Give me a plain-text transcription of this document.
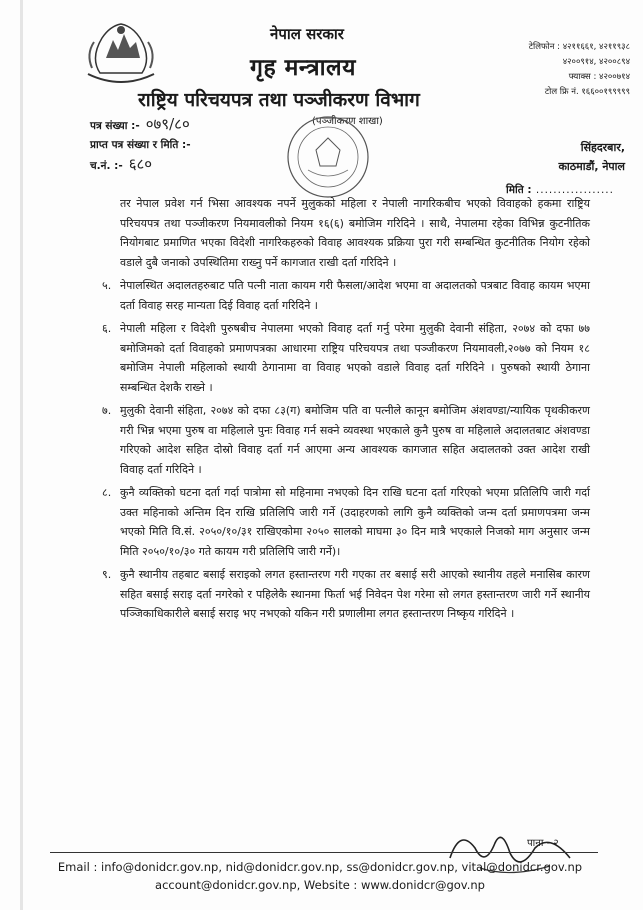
नेपाल सरकार
गृह मन्त्रालय
राष्ट्रिय परिचयपत्र तथा पञ्जीकरण विभाग
(पञ्जीकरण शाखा)
टेलिफोन : ४२११६६१, ४२११९३८
४२००९१४, ४२००८९४
फ्याक्स : ४२००७१४
टोल फ्रि नं. १६६००१९९९९९
पत्र संख्या :- ०७९/८०
प्राप्त पत्र संख्या र मिति :-
च.नं. :- ६८०
सिंहदरबार,
काठमाडौं, नेपाल
मिति : ..................

तर नेपाल प्रवेश गर्न भिसा आवश्यक नपर्ने मुलुकको महिला र नेपाली नागरिकबीच भएको विवाहको हकमा राष्ट्रिय परिचयपत्र तथा पञ्जीकरण नियमावलीको नियम १६(६) बमोजिम गरिदिने । साथै, नेपालमा रहेका विभिन्न कुटनीतिक नियोगबाट प्रमाणित भएका विदेशी नागरिकहरुको विवाह आवश्यक प्रक्रिया पुरा गरी सम्बन्धित कुटनीतिक नियोग रहेको वडाले दुबै जनाको उपस्थितिमा राख्नु पर्ने कागजात राखी दर्ता गरिदिने ।

५. नेपालस्थित अदालतहरुबाट पति पत्नी नाता कायम गरी फैसला/आदेश भएमा वा अदालतको पत्रबाट विवाह कायम भएमा दर्ता विवाह सरह मान्यता दिई विवाह दर्ता गरिदिने ।
६. नेपाली महिला र विदेशी पुरुषबीच नेपालमा भएको विवाह दर्ता गर्नु परेमा मुलुकी देवानी संहिता, २०७४ को दफा ७७ बमोजिमको दर्ता विवाहको प्रमाणपत्रका आधारमा राष्ट्रिय परिचयपत्र तथा पञ्जीकरण नियमावली,२०७७ को नियम १८ बमोजिम नेपाली महिलाको स्थायी ठेगानामा वा विवाह भएको वडाले विवाह दर्ता गरिदिने । पुरुषको स्थायी ठेगाना सम्बन्धित देशकै राख्ने ।
७. मुलुकी देवानी संहिता, २०७४ को दफा ८३(ग) बमोजिम पति वा पत्नीले कानून बमोजिम अंशवण्डा/न्यायिक पृथकीकरण गरी भिन्न भएमा पुरुष वा महिलाले पुनः विवाह गर्न सक्ने व्यवस्था भएकाले कुनै पुरुष वा महिलाले अदालतबाट अंशवण्डा गरिएको आदेश सहित दोस्रो विवाह दर्ता गर्न आएमा अन्य आवश्यक कागजात सहित अदालतको उक्त आदेश राखी विवाह दर्ता गरिदिने ।
८. कुनै व्यक्तिको घटना दर्ता गर्दा पात्रोमा सो महिनामा नभएको दिन राखि घटना दर्ता गरिएको भएमा प्रतिलिपि जारी गर्दा उक्त महिनाको अन्तिम दिन राखि प्रतिलिपि जारी गर्ने (उदाहरणको लागि कुनै व्यक्तिको जन्म दर्ता प्रमाणपत्रमा जन्म भएको मिति वि.सं. २०५०/१०/३१ राखिएकोमा २०५० सालको माघमा ३० दिन मात्रै भएकाले निजको माग अनुसार जन्म मिति २०५०/१०/३० गते कायम गरी प्रतिलिपि जारी गर्ने)।
९. कुनै स्थानीय तहबाट बसाई सराइको लगत हस्तान्तरण गरी गएका तर बसाई सरी आएको स्थानीय तहले मनासिब कारण सहित बसाई सराइ दर्ता नगरेको र पहिलेकै स्थानमा फिर्ता भई निवेदन पेश गरेमा सो लगत हस्तान्तरण जारी गर्ने स्थानीय पञ्जिकाधिकारीले बसाई सराइ भए नभएको यकिन गरी प्रणालीमा लगत हस्तान्तरण निष्कृय गरिदिने ।
पाना - २
Email : info@donidcr.gov.np, nid@donidcr.gov.np, ss@donidcr.gov.np, vital@donidcr.gov.np
account@donidcr.gov.np, Website : www.donidcr@gov.np
